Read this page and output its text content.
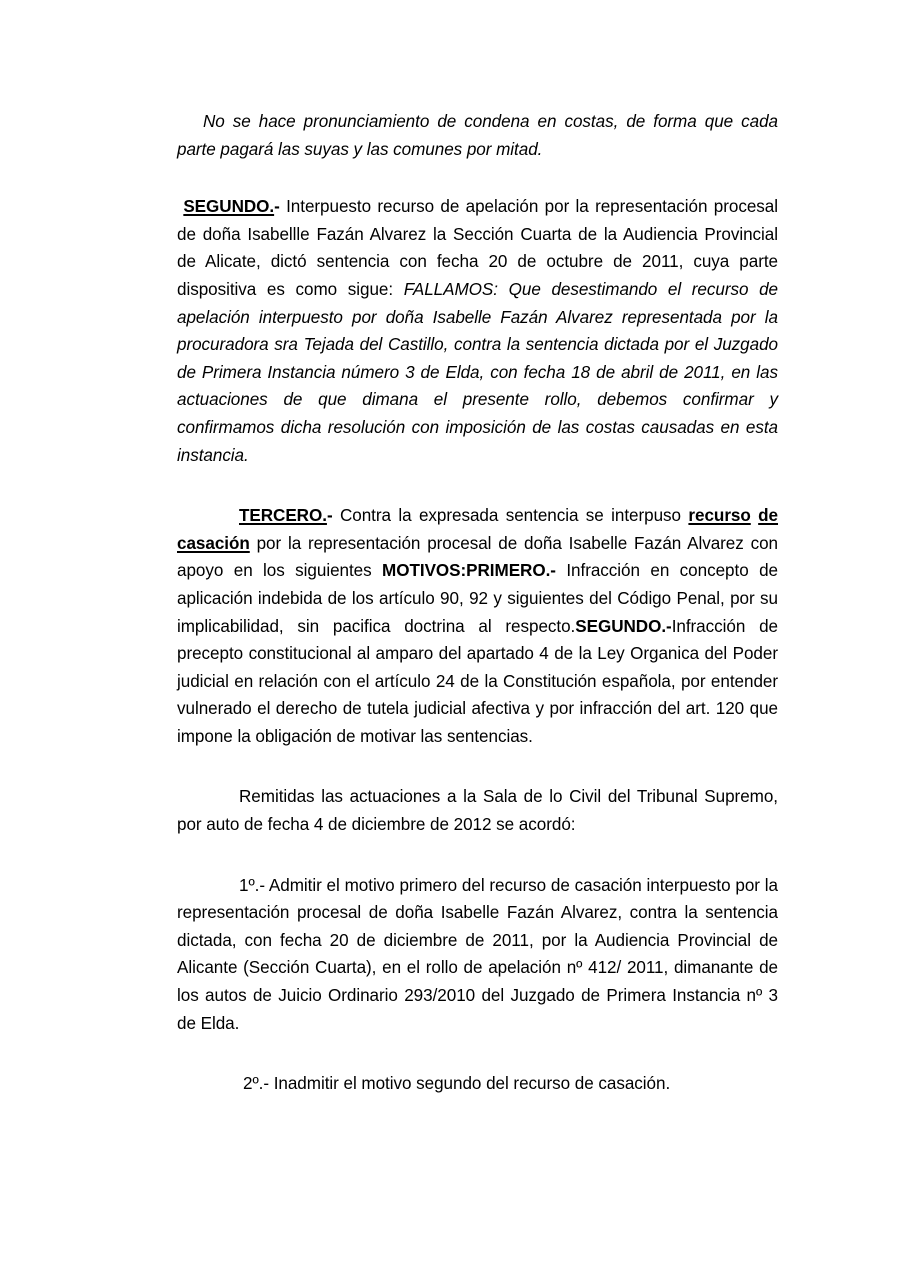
No se hace pronunciamiento de condena en costas, de forma que cada parte pagará las suyas y las comunes por mitad.

SEGUNDO.- Interpuesto recurso de apelación por la representación procesal de doña Isabellle Fazán Alvarez la Sección Cuarta de la Audiencia Provincial de Alicate, dictó sentencia con fecha 20 de octubre de 2011, cuya parte dispositiva es como sigue: FALLAMOS: Que desestimando el recurso de apelación interpuesto por doña Isabelle Fazán Alvarez representada por la procuradora sra Tejada del Castillo, contra la sentencia dictada por el Juzgado de Primera Instancia número 3 de Elda, con fecha 18 de abril de 2011, en las actuaciones de que dimana el presente rollo, debemos confirmar y confirmamos dicha resolución con imposición de las costas causadas en esta instancia.

TERCERO.- Contra la expresada sentencia se interpuso recurso de casación por la representación procesal de doña Isabelle Fazán Alvarez con apoyo en los siguientes MOTIVOS:PRIMERO.- Infracción en concepto de aplicación indebida de los artículo 90, 92 y siguientes del Código Penal, por su implicabilidad, sin pacifica doctrina al respecto.SEGUNDO.-Infracción de precepto constitucional al amparo del apartado 4 de la Ley Organica del Poder judicial en relación con el artículo 24 de la Constitución española, por entender vulnerado el derecho de tutela judicial afectiva y por infracción del art. 120 que impone la obligación de motivar las sentencias.

Remitidas las actuaciones a la Sala de lo Civil del Tribunal Supremo, por auto de fecha 4 de diciembre de 2012 se acordó:

1º.- Admitir el motivo primero del recurso de casación interpuesto por la representación procesal de doña Isabelle Fazán Alvarez, contra la sentencia dictada, con fecha 20 de diciembre de 2011, por la Audiencia Provincial de Alicante (Sección Cuarta), en el rollo de apelación nº 412/ 2011, dimanante de los autos de Juicio Ordinario 293/2010 del Juzgado de Primera Instancia nº 3 de Elda.

2º.- Inadmitir el motivo segundo del recurso de casación.
